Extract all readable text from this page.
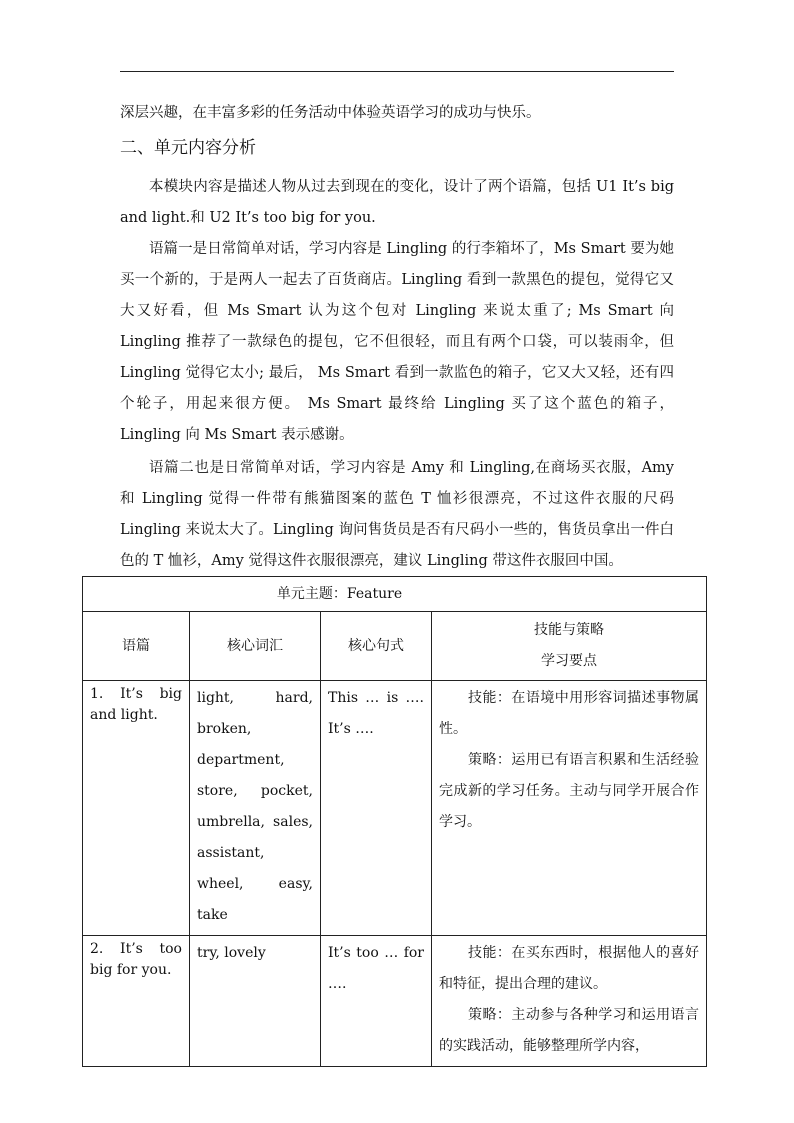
深层兴趣，在丰富多彩的任务活动中体验英语学习的成功与快乐。
二、单元内容分析
本模块内容是描述人物从过去到现在的变化，设计了两个语篇，包括 U1 It’s big and light.和 U2 It’s too big for you.
语篇一是日常简单对话，学习内容是 Lingling 的行李箱坏了，Ms Smart 要为她买一个新的，于是两人一起去了百货商店。Lingling 看到一款黑色的提包，觉得它又大又好看，但 Ms Smart 认为这个包对 Lingling 来说太重了; Ms Smart 向 Lingling 推荐了一款绿色的提包，它不但很轻，而且有两个口袋，可以装雨伞，但 Lingling 觉得它太小; 最后， Ms Smart 看到一款监色的箱子，它又大又轻，还有四个轮子，用起来很方便。 Ms Smart 最终给 Lingling 买了这个蓝色的箱子， Lingling 向 Ms Smart 表示感谢。
语篇二也是日常简单对话，学习内容是 Amy 和 Lingling,在商场买衣服，Amy 和 Lingling 觉得一件带有熊猫图案的蓝色 T 恤衫很漂亮，不过这件衣服的尺码 Lingling 来说太大了。Lingling 询问售货员是否有尺码小一些的，售货员拿出一件白色的 T 恤衫，Amy 觉得这件衣服很漂亮，建议 Lingling 带这件衣服回中国。
单元主题：Feature			
语篇	核心词汇	核心句式	技能与策略
学习要点

1. It’s big and light.	light, hard, broken, department, store, pocket, umbrella, sales, assistant, wheel, easy, take	This … is …. It’s ….	技能：在语境中用形容词描述事物属性。
策略：运用已有语言积累和生活经验完成新的学习任务。主动与同学开展合作学习。

2. It’s too big for you.	try, lovely	It’s too … for ….	技能：在买东西时，根据他人的喜好和特征，提出合理的建议。
策略：主动参与各种学习和运用语言的实践活动，能够整理所学内容，
